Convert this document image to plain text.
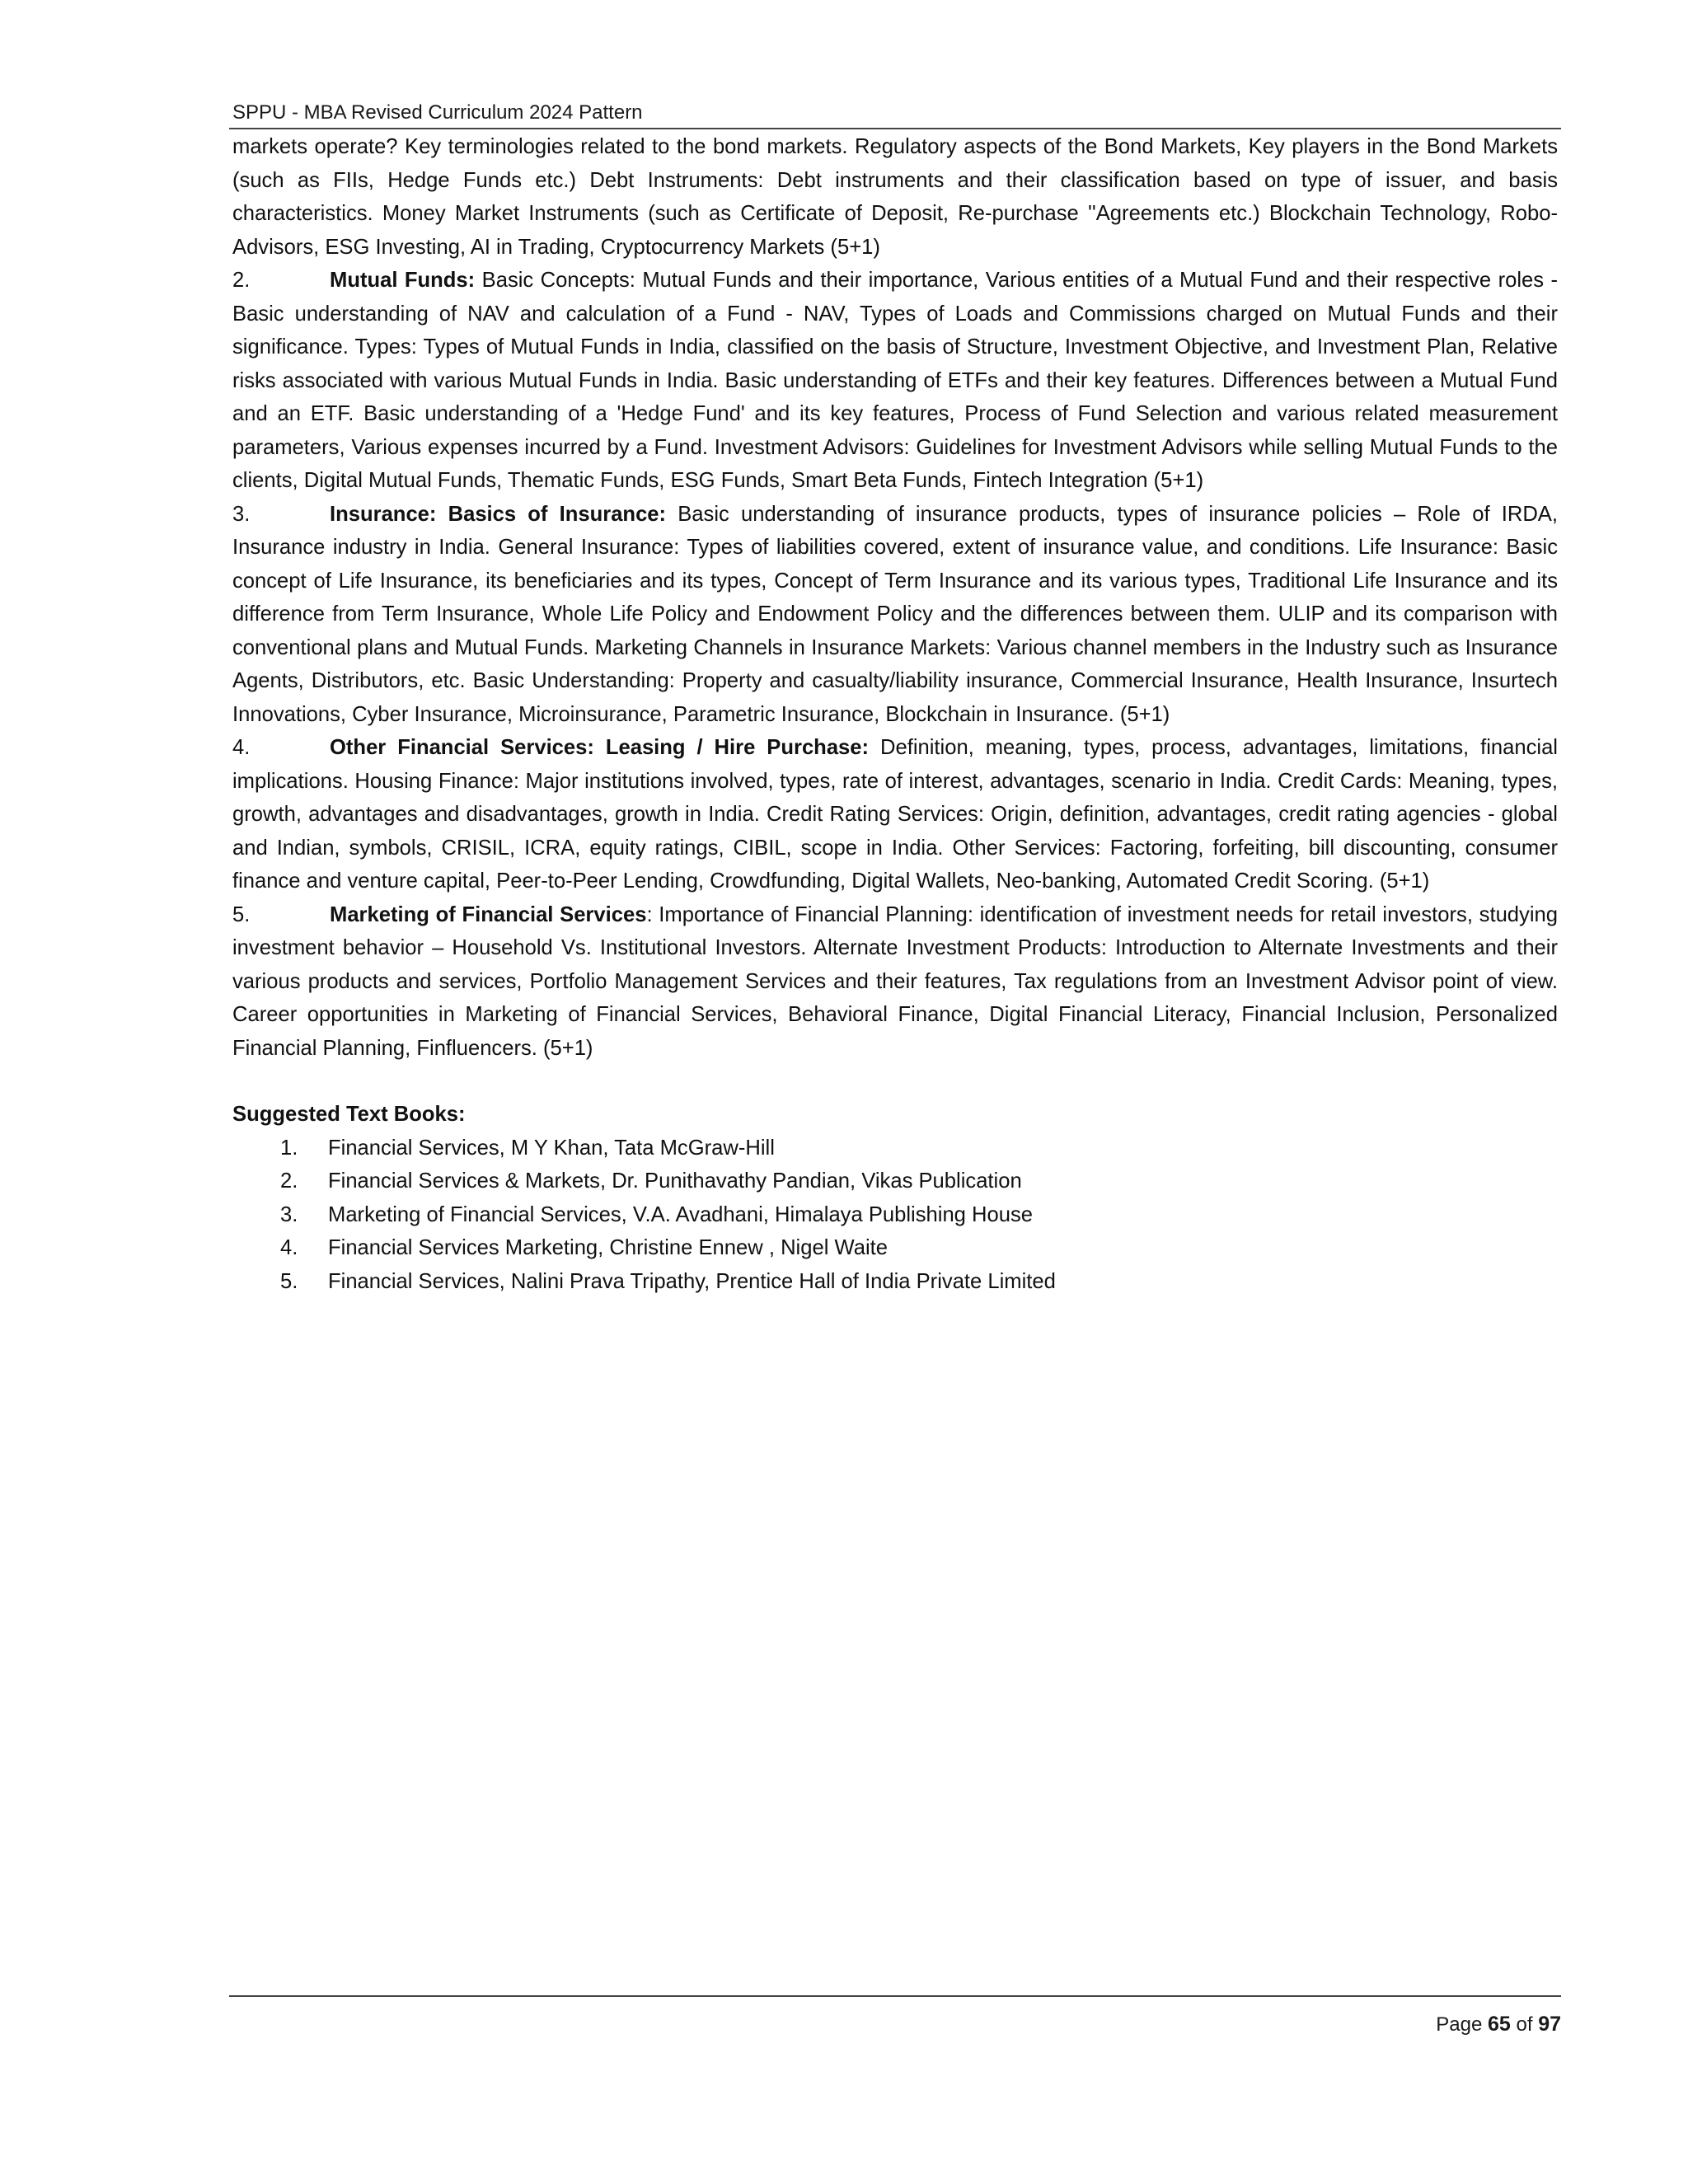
SPPU - MBA Revised Curriculum 2024 Pattern

markets operate? Key terminologies related to the bond markets. Regulatory aspects of the Bond Markets, Key players in the Bond Markets (such as FIIs, Hedge Funds etc.) Debt Instruments: Debt instruments and their classification based on type of issuer, and basis characteristics. Money Market Instruments (such as Certificate of Deposit, Re-purchase ''Agreements etc.) Blockchain Technology, Robo-Advisors, ESG Investing, AI in Trading, Cryptocurrency Markets (5+1)

2.	Mutual Funds: Basic Concepts: Mutual Funds and their importance, Various entities of a Mutual Fund and their respective roles - Basic understanding of NAV and calculation of a Fund - NAV, Types of Loads and Commissions charged on Mutual Funds and their significance. Types: Types of Mutual Funds in India, classified on the basis of Structure, Investment Objective, and Investment Plan, Relative risks associated with various Mutual Funds in India. Basic understanding of ETFs and their key features. Differences between a Mutual Fund and an ETF. Basic understanding of a 'Hedge Fund' and its key features, Process of Fund Selection and various related measurement parameters, Various expenses incurred by a Fund. Investment Advisors: Guidelines for Investment Advisors while selling Mutual Funds to the clients, Digital Mutual Funds, Thematic Funds, ESG Funds, Smart Beta Funds, Fintech Integration (5+1)

3.	Insurance: Basics of Insurance: Basic understanding of insurance products, types of insurance policies – Role of IRDA, Insurance industry in India. General Insurance: Types of liabilities covered, extent of insurance value, and conditions. Life Insurance: Basic concept of Life Insurance, its beneficiaries and its types, Concept of Term Insurance and its various types, Traditional Life Insurance and its difference from Term Insurance, Whole Life Policy and Endowment Policy and the differences between them. ULIP and its comparison with conventional plans and Mutual Funds. Marketing Channels in Insurance Markets: Various channel members in the Industry such as Insurance Agents, Distributors, etc. Basic Understanding: Property and casualty/liability insurance, Commercial Insurance, Health Insurance, Insurtech Innovations, Cyber Insurance, Microinsurance, Parametric Insurance, Blockchain in Insurance. (5+1)

4.	Other Financial Services: Leasing / Hire Purchase: Definition, meaning, types, process, advantages, limitations, financial implications. Housing Finance: Major institutions involved, types, rate of interest, advantages, scenario in India. Credit Cards: Meaning, types, growth, advantages and disadvantages, growth in India. Credit Rating Services: Origin, definition, advantages, credit rating agencies - global and Indian, symbols, CRISIL, ICRA, equity ratings, CIBIL, scope in India. Other Services: Factoring, forfeiting, bill discounting, consumer finance and venture capital, Peer-to-Peer Lending, Crowdfunding, Digital Wallets, Neo-banking, Automated Credit Scoring. (5+1)

5.	Marketing of Financial Services: Importance of Financial Planning: identification of investment needs for retail investors, studying investment behavior – Household Vs. Institutional Investors. Alternate Investment Products: Introduction to Alternate Investments and their various products and services, Portfolio Management Services and their features, Tax regulations from an Investment Advisor point of view. Career opportunities in Marketing of Financial Services, Behavioral Finance, Digital Financial Literacy, Financial Inclusion, Personalized Financial Planning, Finfluencers. (5+1)

Suggested Text Books:

1. Financial Services, M Y Khan, Tata McGraw-Hill
2. Financial Services & Markets, Dr. Punithavathy Pandian, Vikas Publication
3. Marketing of Financial Services, V.A. Avadhani, Himalaya Publishing House
4. Financial Services Marketing, Christine Ennew , Nigel Waite
5. Financial Services, Nalini Prava Tripathy, Prentice Hall of India Private Limited
Page 65 of 97
